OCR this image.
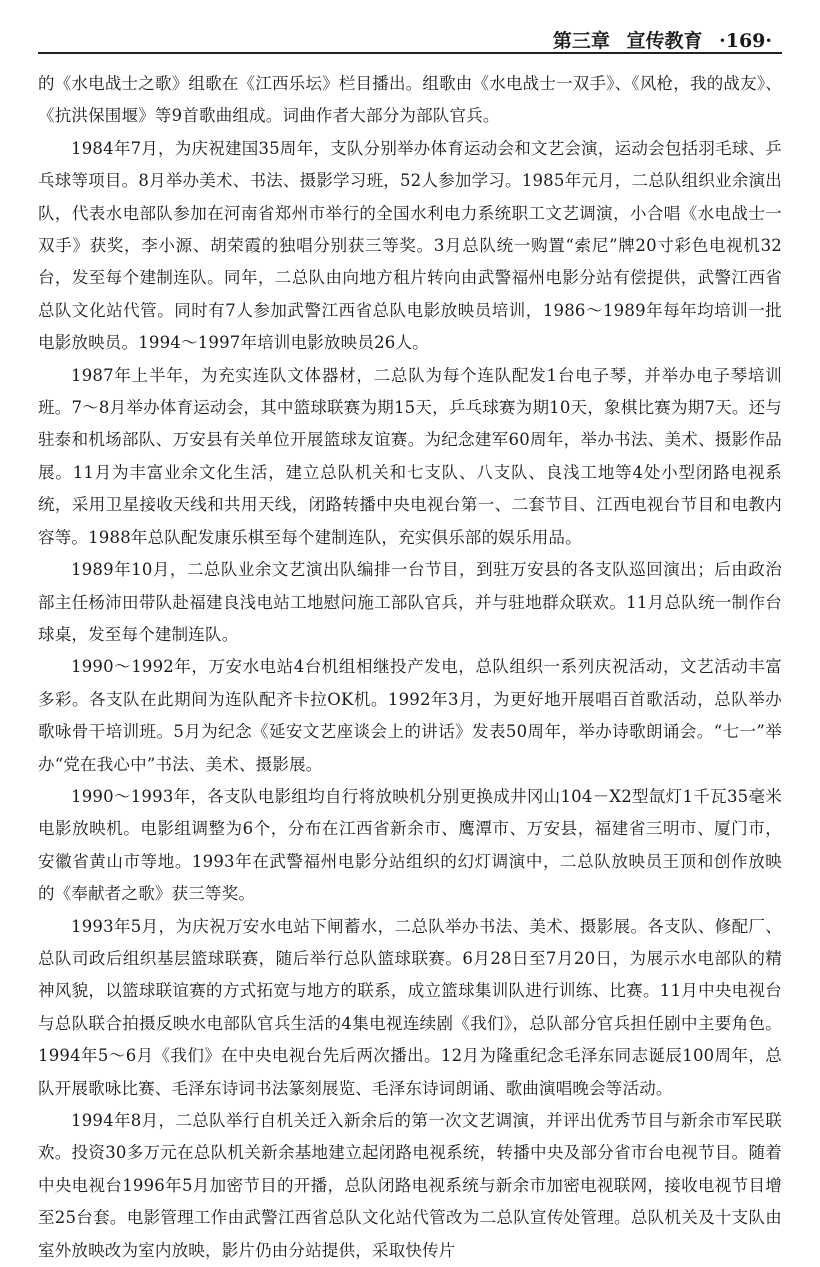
第三章 宣传教育 ·169·

的《水电战士之歌》组歌在《江西乐坛》栏目播出。组歌由《水电战士一双手》、《风枪，我的战友》、《抗洪保围堰》等9首歌曲组成。词曲作者大部分为部队官兵。

1984年7月，为庆祝建国35周年，支队分别举办体育运动会和文艺会演，运动会包括羽毛球、乒乓球等项目。8月举办美术、书法、摄影学习班，52人参加学习。1985年元月，二总队组织业余演出队，代表水电部队参加在河南省郑州市举行的全国水利电力系统职工文艺调演，小合唱《水电战士一双手》获奖，李小源、胡荣霞的独唱分别获三等奖。3月总队统一购置“索尼”牌20寸彩色电视机32台，发至每个建制连队。同年，二总队由向地方租片转向由武警福州电影分站有偿提供，武警江西省总队文化站代管。同时有7人参加武警江西省总队电影放映员培训，1986～1989年每年均培训一批电影放映员。1994～1997年培训电影放映员26人。

1987年上半年，为充实连队文体器材，二总队为每个连队配发1台电子琴，并举办电子琴培训班。7～8月举办体育运动会，其中篮球联赛为期15天，乒乓球赛为期10天，象棋比赛为期7天。还与驻泰和机场部队、万安县有关单位开展篮球友谊赛。为纪念建军60周年，举办书法、美术、摄影作品展。11月为丰富业余文化生活，建立总队机关和七支队、八支队、良浅工地等4处小型闭路电视系统，采用卫星接收天线和共用天线，闭路转播中央电视台第一、二套节目、江西电视台节目和电教内容等。1988年总队配发康乐棋至每个建制连队，充实俱乐部的娱乐用品。

1989年10月，二总队业余文艺演出队编排一台节目，到驻万安县的各支队巡回演出；后由政治部主任杨沛田带队赴福建良浅电站工地慰问施工部队官兵，并与驻地群众联欢。11月总队统一制作台球桌，发至每个建制连队。

1990～1992年，万安水电站4台机组相继投产发电，总队组织一系列庆祝活动，文艺活动丰富多彩。各支队在此期间为连队配齐卡拉OK机。1992年3月，为更好地开展唱百首歌活动，总队举办歌咏骨干培训班。5月为纪念《延安文艺座谈会上的讲话》发表50周年，举办诗歌朗诵会。“七一”举办“党在我心中”书法、美术、摄影展。

1990～1993年，各支队电影组均自行将放映机分别更换成井冈山104－X2型氙灯1千瓦35毫米电影放映机。电影组调整为6个，分布在江西省新余市、鹰潭市、万安县，福建省三明市、厦门市，安徽省黄山市等地。1993年在武警福州电影分站组织的幻灯调演中，二总队放映员王顶和创作放映的《奉献者之歌》获三等奖。

1993年5月，为庆祝万安水电站下闸蓄水，二总队举办书法、美术、摄影展。各支队、修配厂、总队司政后组织基层篮球联赛，随后举行总队篮球联赛。6月28日至7月20日，为展示水电部队的精神风貌，以篮球联谊赛的方式拓宽与地方的联系，成立篮球集训队进行训练、比赛。11月中央电视台与总队联合拍摄反映水电部队官兵生活的4集电视连续剧《我们》，总队部分官兵担任剧中主要角色。1994年5～6月《我们》在中央电视台先后两次播出。12月为隆重纪念毛泽东同志诞辰100周年，总队开展歌咏比赛、毛泽东诗词书法篆刻展览、毛泽东诗词朗诵、歌曲演唱晚会等活动。

1994年8月，二总队举行自机关迁入新余后的第一次文艺调演，并评出优秀节目与新余市军民联欢。投资30多万元在总队机关新余基地建立起闭路电视系统，转播中央及部分省市台电视节目。随着中央电视台1996年5月加密节目的开播，总队闭路电视系统与新余市加密电视联网，接收电视节目增至25台套。电影管理工作由武警江西省总队文化站代管改为二总队宣传处管理。总队机关及十支队由室外放映改为室内放映，影片仍由分站提供，采取快传片
